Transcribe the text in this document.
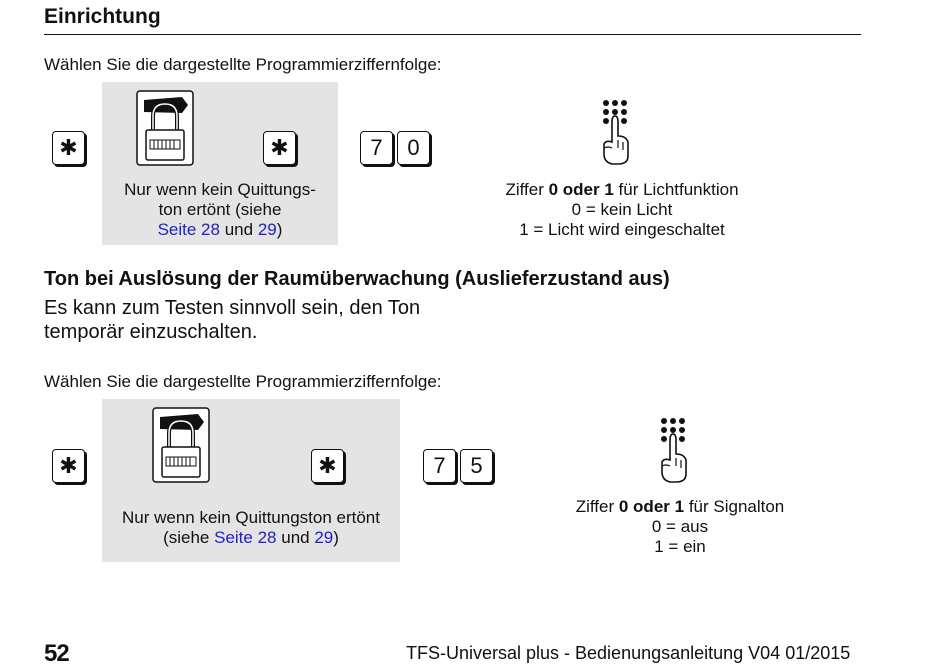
Einrichtung
Wählen Sie die dargestellte Programmierziffernfolge:
✱	✱	7	0
Nur wenn kein Quittungs-
ton ertönt (siehe
Seite 28 und 29)
Ziffer 0 oder 1 für Lichtfunktion
0 = kein Licht
1 = Licht wird eingeschaltet
Ton bei Auslösung der Raumüberwachung (Auslieferzustand aus)
Es kann zum Testen sinnvoll sein, den Ton
temporär einzuschalten.
Wählen Sie die dargestellte Programmierziffernfolge:
✱	✱	7	5
Nur wenn kein Quittungston ertönt
(siehe Seite 28 und 29)
Ziffer 0 oder 1 für Signalton
0 = aus
1 = ein
52	TFS-Universal plus - Bedienungsanleitung V04 01/2015
